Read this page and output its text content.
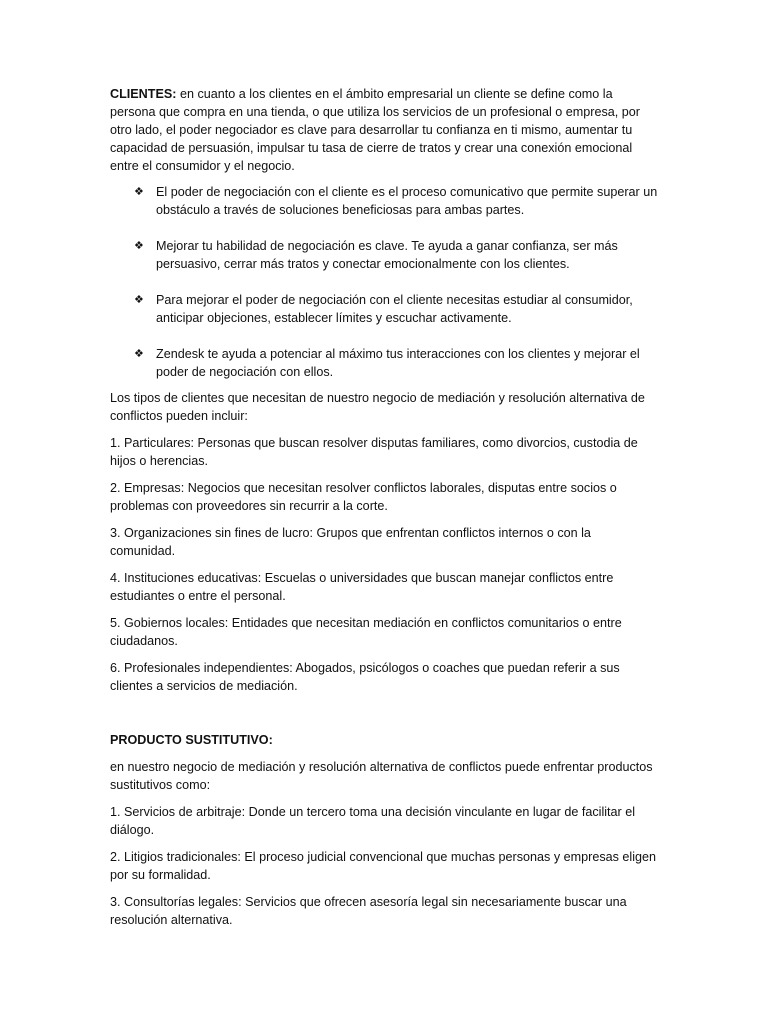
CLIENTES: en cuanto a los clientes en el ámbito empresarial un cliente se define como la persona que compra en una tienda, o que utiliza los servicios de un profesional o empresa, por otro lado, el poder negociador es clave para desarrollar tu confianza en ti mismo, aumentar tu capacidad de persuasión, impulsar tu tasa de cierre de tratos y crear una conexión emocional entre el consumidor y el negocio.

❖ El poder de negociación con el cliente es el proceso comunicativo que permite superar un obstáculo a través de soluciones beneficiosas para ambas partes.
❖ Mejorar tu habilidad de negociación es clave. Te ayuda a ganar confianza, ser más persuasivo, cerrar más tratos y conectar emocionalmente con los clientes.
❖ Para mejorar el poder de negociación con el cliente necesitas estudiar al consumidor, anticipar objeciones, establecer límites y escuchar activamente.
❖ Zendesk te ayuda a potenciar al máximo tus interacciones con los clientes y mejorar el poder de negociación con ellos.

Los tipos de clientes que necesitan de nuestro negocio de mediación y resolución alternativa de conflictos pueden incluir:

1. Particulares: Personas que buscan resolver disputas familiares, como divorcios, custodia de hijos o herencias.

2. Empresas: Negocios que necesitan resolver conflictos laborales, disputas entre socios o problemas con proveedores sin recurrir a la corte.

3. Organizaciones sin fines de lucro: Grupos que enfrentan conflictos internos o con la comunidad.

4. Instituciones educativas: Escuelas o universidades que buscan manejar conflictos entre estudiantes o entre el personal.

5. Gobiernos locales: Entidades que necesitan mediación en conflictos comunitarios o entre ciudadanos.

6. Profesionales independientes: Abogados, psicólogos o coaches que puedan referir a sus clientes a servicios de mediación.

PRODUCTO SUSTITUTIVO:

en nuestro negocio de mediación y resolución alternativa de conflictos puede enfrentar productos sustitutivos como:

1. Servicios de arbitraje: Donde un tercero toma una decisión vinculante en lugar de facilitar el diálogo.

2. Litigios tradicionales: El proceso judicial convencional que muchas personas y empresas eligen por su formalidad.

3. Consultorías legales: Servicios que ofrecen asesoría legal sin necesariamente buscar una resolución alternativa.
